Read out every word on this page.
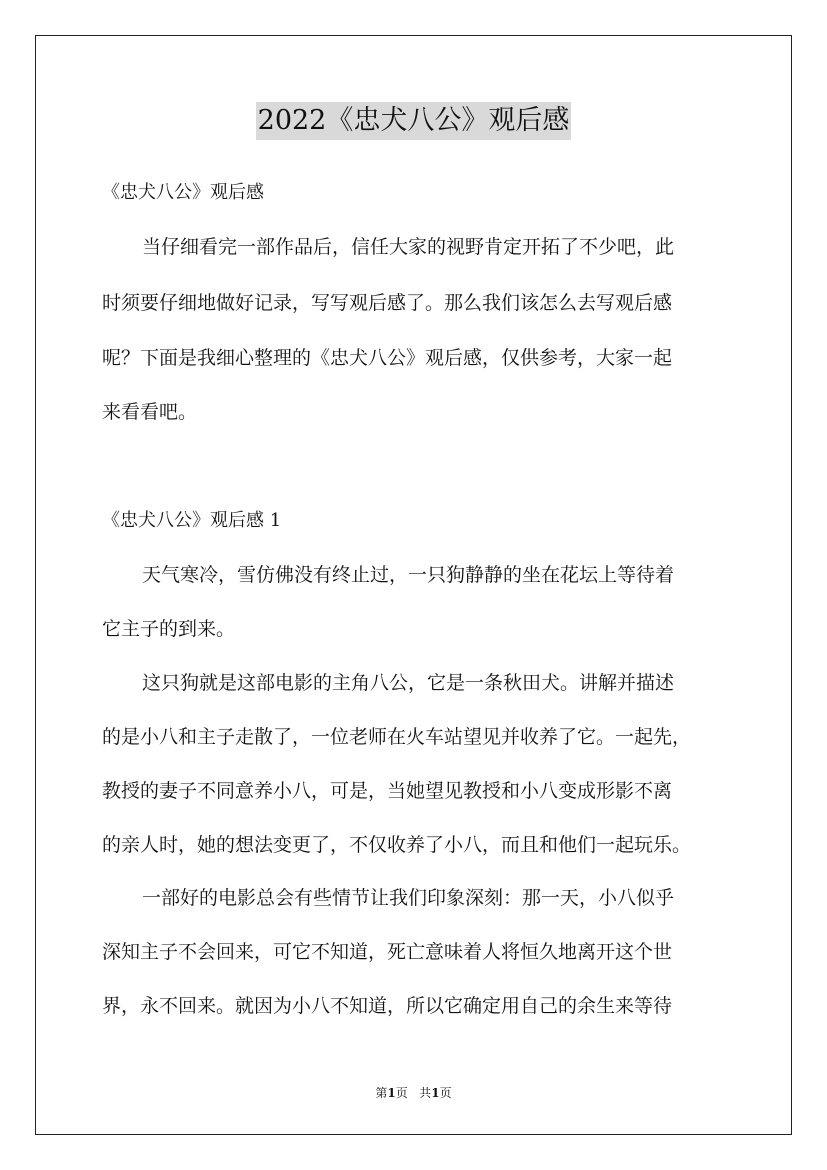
2022《忠犬八公》观后感
《忠犬八公》观后感
当仔细看完一部作品后，信任大家的视野肯定开拓了不少吧，此
时须要仔细地做好记录，写写观后感了。那么我们该怎么去写观后感
呢？下面是我细心整理的《忠犬八公》观后感，仅供参考，大家一起
来看看吧。
《忠犬八公》观后感 1
天气寒冷，雪仿佛没有终止过，一只狗静静的坐在花坛上等待着
它主子的到来。
这只狗就是这部电影的主角八公，它是一条秋田犬。讲解并描述
的是小八和主子走散了，一位老师在火车站望见并收养了它。一起先，
教授的妻子不同意养小八，可是，当她望见教授和小八变成形影不离
的亲人时，她的想法变更了，不仅收养了小八，而且和他们一起玩乐。
一部好的电影总会有些情节让我们印象深刻：那一天，小八似乎
深知主子不会回来，可它不知道，死亡意味着人将恒久地离开这个世
界，永不回来。就因为小八不知道，所以它确定用自己的余生来等待
第1页 共1页
